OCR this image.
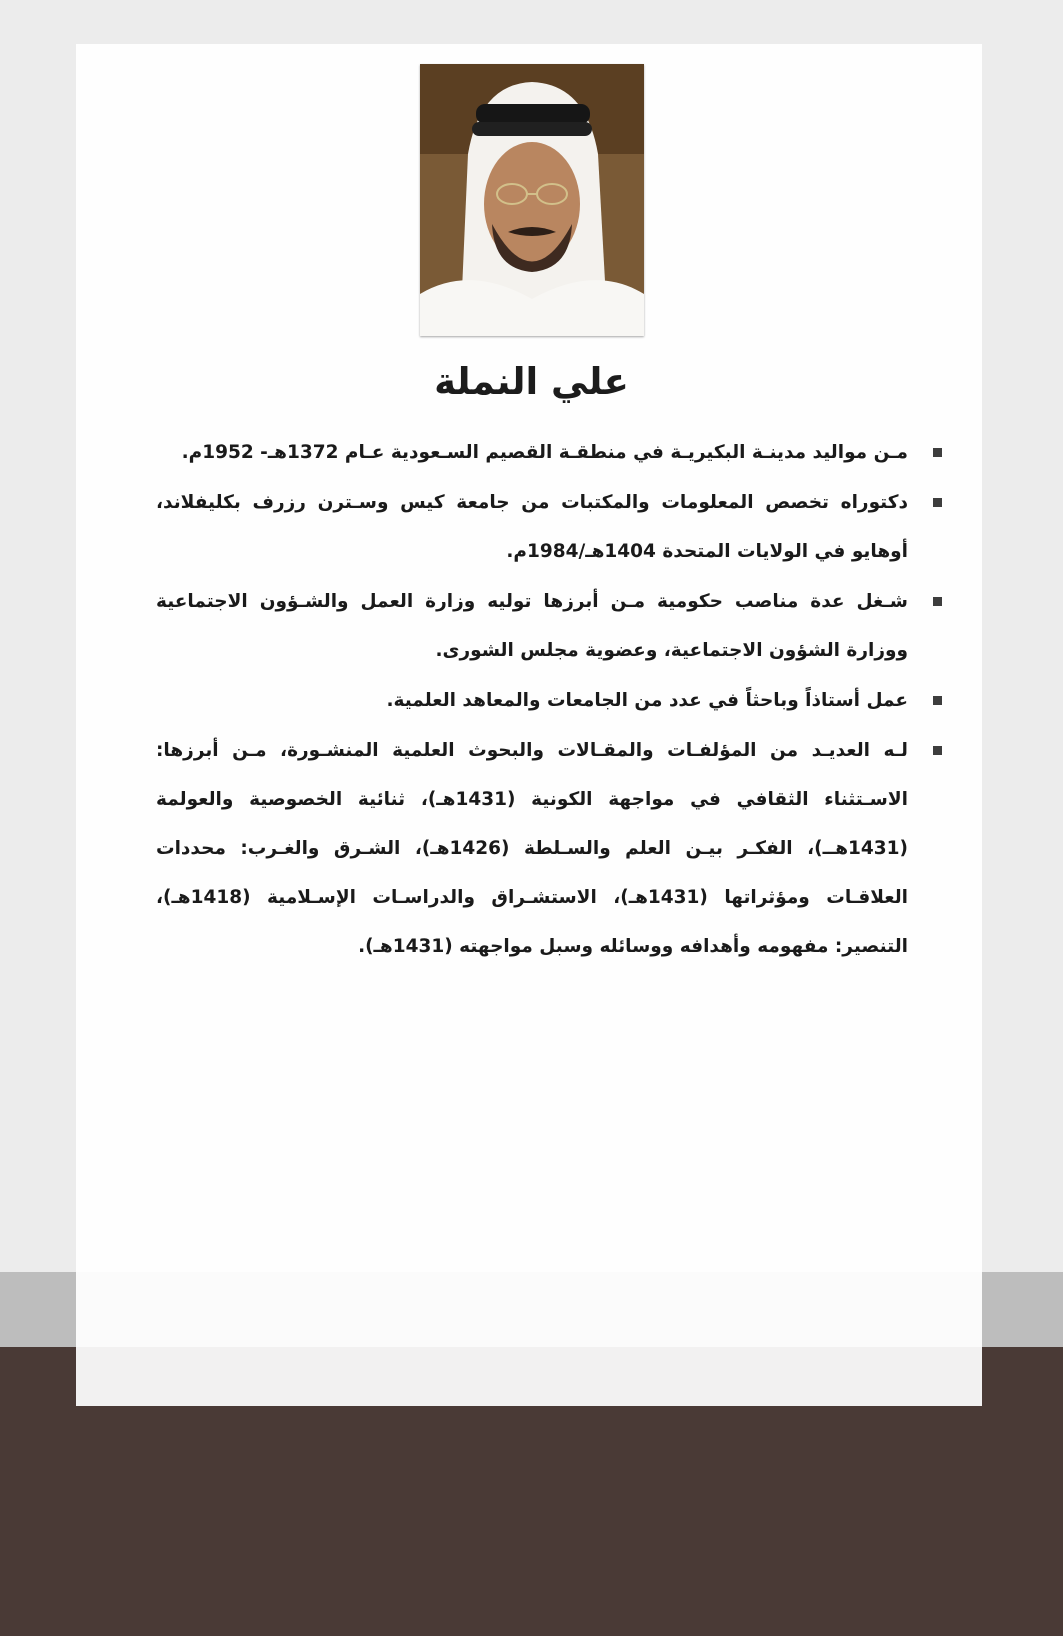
علي النملة
مـن مواليد مدينـة البكيريـة في منطقـة القصيم السـعودية عـام 1372هـ- 1952م.
دكتوراه تخصص المعلومات والمكتبات من جامعة كيس وسـترن رزرف بكليفلاند، أوهايو في الولايات المتحدة 1404هـ/1984م.
شـغل عدة مناصب حكومية مـن أبرزها توليه وزارة العمل والشـؤون الاجتماعية ووزارة الشؤون الاجتماعية، وعضوية مجلس الشورى.
عمل أستاذاً وباحثاً في عدد من الجامعات والمعاهد العلمية.
لـه العديـد من المؤلفـات والمقـالات والبحوث العلمية المنشـورة، مـن أبرزها: الاسـتثناء الثقافي في مواجهة الكونية (1431هـ)، ثنائية الخصوصية والعولمة (1431هــ)، الفكـر بيـن العلم والسـلطة (1426هـ)، الشـرق والغـرب: محددات العلاقـات ومؤثراتها (1431هـ)، الاستشـراق والدراسـات الإسـلامية (1418هـ)، التنصير: مفهومه وأهدافه ووسائله وسبل مواجهته (1431هـ).
